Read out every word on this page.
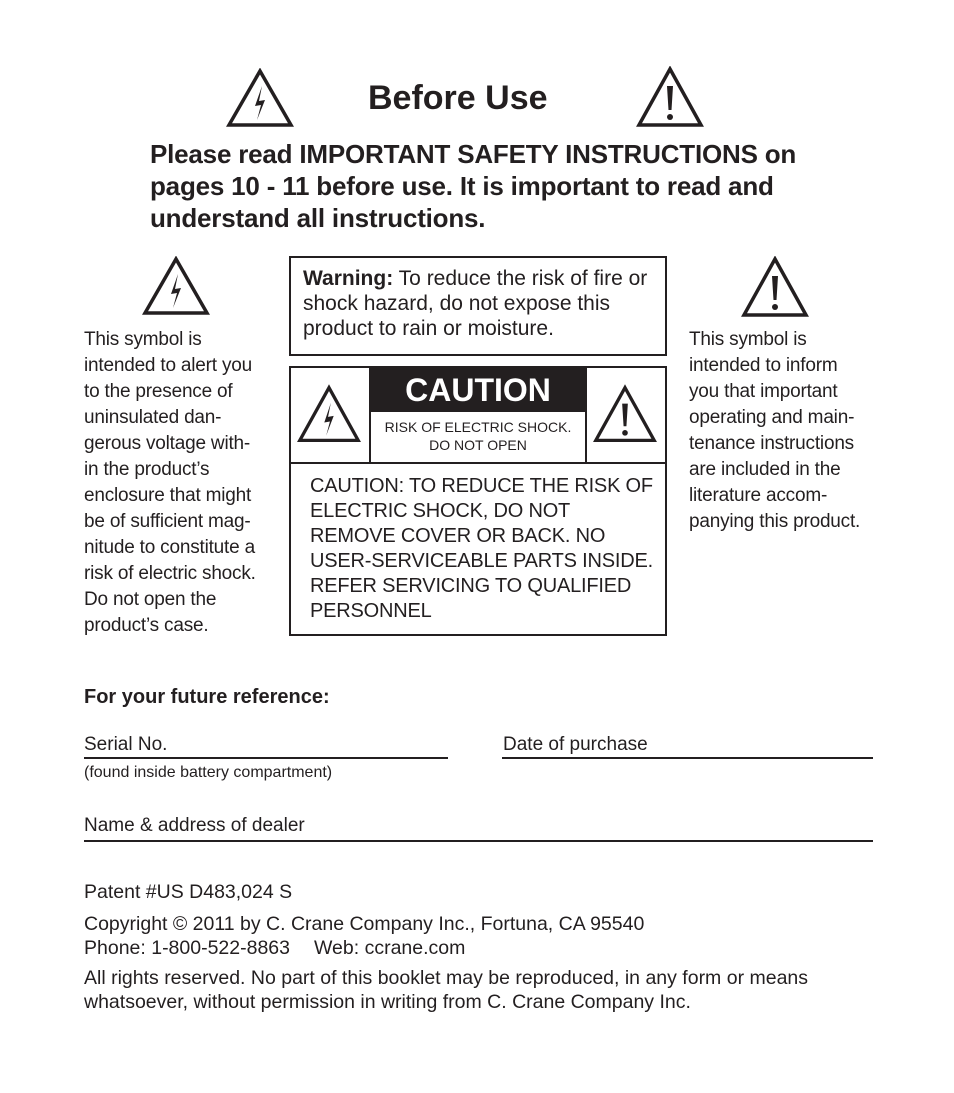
Before Use
Please read IMPORTANT SAFETY INSTRUCTIONS on pages 10 - 11 before use. It is important to read and understand all instructions.
This symbol is
intended to alert you
to the presence of
uninsulated dan-
gerous voltage with-
in the product’s
enclosure that might
be of sufficient mag-
nitude to constitute a
risk of electric shock.
Do not open the
product’s case.
This symbol is
intended to inform
you that important
operating and main-
tenance instructions
are included in the
literature accom-
panying this product.
Warning: To reduce the risk of fire or shock hazard, do not expose this product to rain or moisture.
CAUTION
RISK OF ELECTRIC SHOCK.
DO NOT OPEN
CAUTION: TO REDUCE THE RISK OF ELECTRIC SHOCK, DO NOT REMOVE COVER OR BACK. NO USER-SERVICEABLE PARTS INSIDE. REFER SERVICING TO QUALIFIED PERSONNEL
For your future reference:
Serial No.
(found inside battery compartment)
Date of purchase
Name & address of dealer
Patent #US D483,024 S
Copyright © 2011 by C. Crane Company Inc., Fortuna, CA 95540
Phone: 1-800-522-8863 Web: ccrane.com
All rights reserved. No part of this booklet may be reproduced, in any form or means whatsoever, without permission in writing from C. Crane Company Inc.
